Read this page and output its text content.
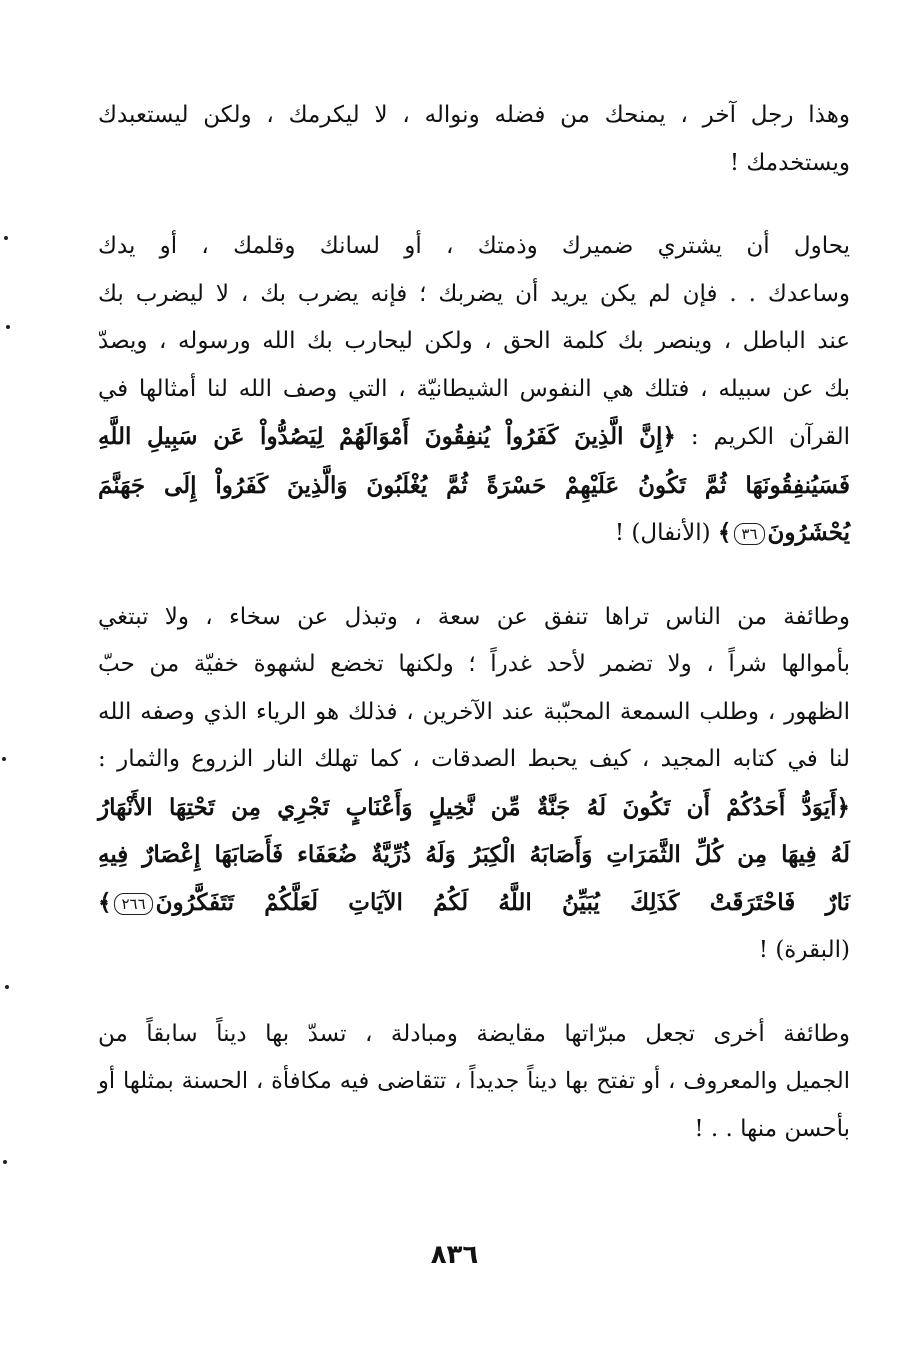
وهذا رجل آخر ، يمنحك من فضله ونواله ، لا ليكرمك ، ولكن ليستعبدك
ويستخدمك !
يحاول أن يشتري ضميرك وذمتك ، أو لسانك وقلمك ، أو يدك
وساعدك . . فإن لم يكن يريد أن يضربك ؛ فإنه يضرب بك ، لا ليضرب بك
عند الباطل ، وينصر بك كلمة الحق ، ولكن ليحارب بك الله ورسوله ، ويصدّ
بك عن سبيله ، فتلك هي النفوس الشيطانيّة ، التي وصف الله لنا أمثالها في
القرآن الكريم : ﴿إِنَّ الَّذِينَ كَفَرُواْ يُنفِقُونَ أَمْوَالَهُمْ لِيَصُدُّواْ عَن سَبِيلِ اللَّهِ
فَسَيُنفِقُونَهَا ثُمَّ تَكُونُ عَلَيْهِمْ حَسْرَةً ثُمَّ يُغْلَبُونَ وَالَّذِينَ كَفَرُواْ إِلَى جَهَنَّمَ
يُحْشَرُونَ٣٦﴾ (الأنفال) !
وطائفة من الناس تراها تنفق عن سعة ، وتبذل عن سخاء ، ولا تبتغي
بأموالها شراً ، ولا تضمر لأحد غدراً ؛ ولكنها تخضع لشهوة خفيّة من حبّ
الظهور ، وطلب السمعة المحبّبة عند الآخرين ، فذلك هو الرياء الذي وصفه الله
لنا في كتابه المجيد ، كيف يحبط الصدقات ، كما تهلك النار الزروع والثمار :
﴿أَيَوَدُّ أَحَدُكُمْ أَن تَكُونَ لَهُ جَنَّةٌ مِّن نَّخِيلٍ وَأَعْنَابٍ تَجْرِي مِن تَحْتِهَا الأَنْهَارُ
لَهُ فِيهَا مِن كُلِّ الثَّمَرَاتِ وَأَصَابَهُ الْكِبَرُ وَلَهُ ذُرِّيَّةٌ ضُعَفَاء فَأَصَابَهَا إِعْصَارٌ فِيهِ
نَارٌ فَاحْتَرَقَتْ كَذَلِكَ يُبَيِّنُ اللَّهُ لَكُمُ الآيَاتِ لَعَلَّكُمْ تَتَفَكَّرُونَ٢٦٦﴾
(البقرة) !
وطائفة أخرى تجعل مبرّاتها مقايضة ومبادلة ، تسدّ بها ديناً سابقاً من
الجميل والمعروف ، أو تفتح بها ديناً جديداً ، تتقاضى فيه مكافأة ، الحسنة بمثلها أو
بأحسن منها . . !
٨٣٦
